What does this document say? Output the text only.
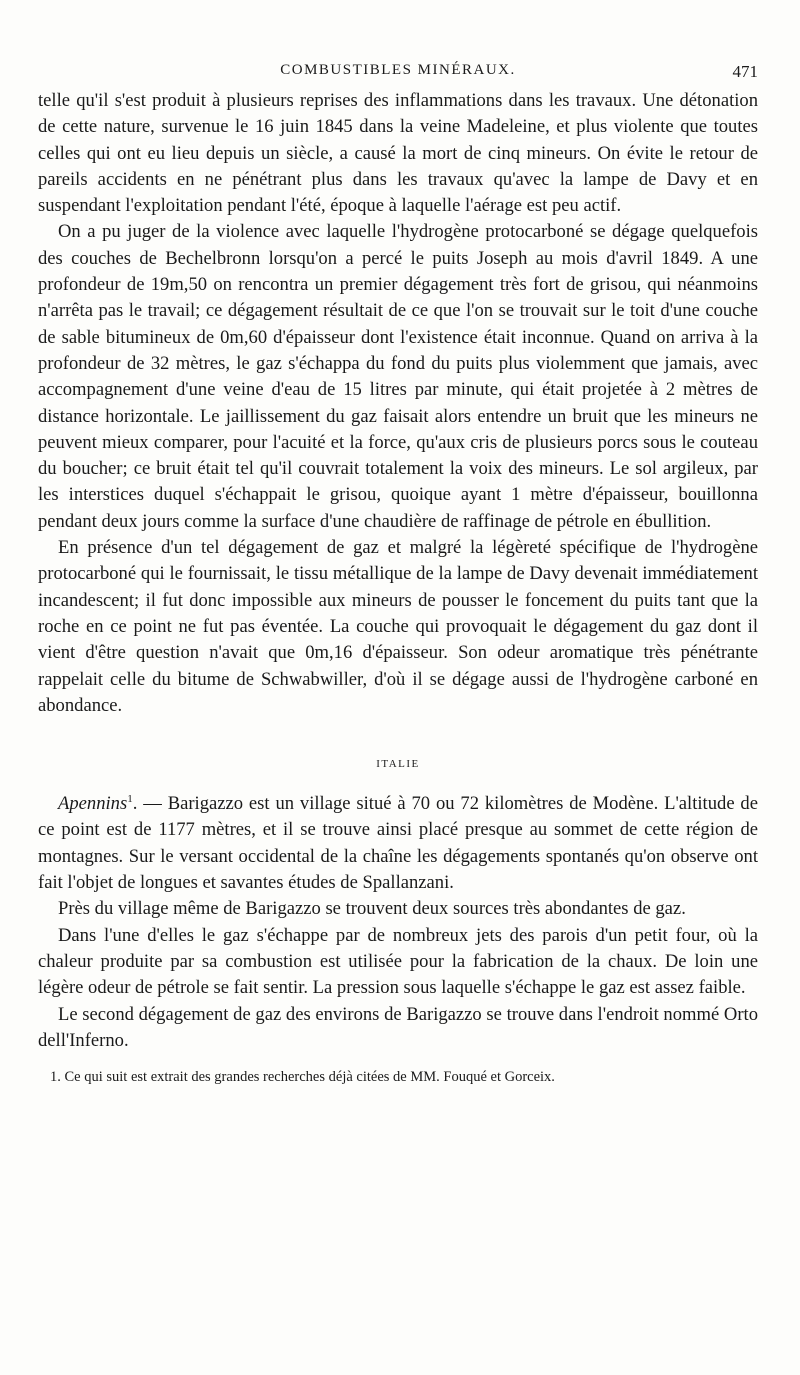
COMBUSTIBLES MINÉRAUX.	471

telle qu'il s'est produit à plusieurs reprises des inflammations dans les travaux. Une détonation de cette nature, survenue le 16 juin 1845 dans la veine Madeleine, et plus violente que toutes celles qui ont eu lieu depuis un siècle, a causé la mort de cinq mineurs. On évite le retour de pareils accidents en ne pénétrant plus dans les travaux qu'avec la lampe de Davy et en suspendant l'exploitation pendant l'été, époque à laquelle l'aérage est peu actif.

On a pu juger de la violence avec laquelle l'hydrogène protocarboné se dégage quelquefois des couches de Bechelbronn lorsqu'on a percé le puits Joseph au mois d'avril 1849. A une profondeur de 19m,50 on rencontra un premier dégagement très fort de grisou, qui néanmoins n'arrêta pas le travail; ce dégagement résultait de ce que l'on se trouvait sur le toit d'une couche de sable bitumineux de 0m,60 d'épaisseur dont l'existence était inconnue. Quand on arriva à la profondeur de 32 mètres, le gaz s'échappa du fond du puits plus violemment que jamais, avec accompagnement d'une veine d'eau de 15 litres par minute, qui était projetée à 2 mètres de distance horizontale. Le jaillissement du gaz faisait alors entendre un bruit que les mineurs ne peuvent mieux comparer, pour l'acuité et la force, qu'aux cris de plusieurs porcs sous le couteau du boucher; ce bruit était tel qu'il couvrait totalement la voix des mineurs. Le sol argileux, par les interstices duquel s'échappait le grisou, quoique ayant 1 mètre d'épaisseur, bouillonna pendant deux jours comme la surface d'une chaudière de raffinage de pétrole en ébullition.

En présence d'un tel dégagement de gaz et malgré la légèreté spécifique de l'hydrogène protocarboné qui le fournissait, le tissu métallique de la lampe de Davy devenait immédiatement incandescent; il fut donc impossible aux mineurs de pousser le foncement du puits tant que la roche en ce point ne fut pas éventée. La couche qui provoquait le dégagement du gaz dont il vient d'être question n'avait que 0m,16 d'épaisseur. Son odeur aromatique très pénétrante rappelait celle du bitume de Schwabwiller, d'où il se dégage aussi de l'hydrogène carboné en abondance.

ITALIE

Apennins$^1$. — Barigazzo est un village situé à 70 ou 72 kilomètres de Modène. L'altitude de ce point est de 1177 mètres, et il se trouve ainsi placé presque au sommet de cette région de montagnes. Sur le versant occidental de la chaîne les dégagements spontanés qu'on observe ont fait l'objet de longues et savantes études de Spallanzani.

Près du village même de Barigazzo se trouvent deux sources très abondantes de gaz.

Dans l'une d'elles le gaz s'échappe par de nombreux jets des parois d'un petit four, où la chaleur produite par sa combustion est utilisée pour la fabrication de la chaux. De loin une légère odeur de pétrole se fait sentir. La pression sous laquelle s'échappe le gaz est assez faible.

Le second dégagement de gaz des environs de Barigazzo se trouve dans l'endroit nommé Orto dell'Inferno.

1. Ce qui suit est extrait des grandes recherches déjà citées de MM. Fouqué et Gorceix.
